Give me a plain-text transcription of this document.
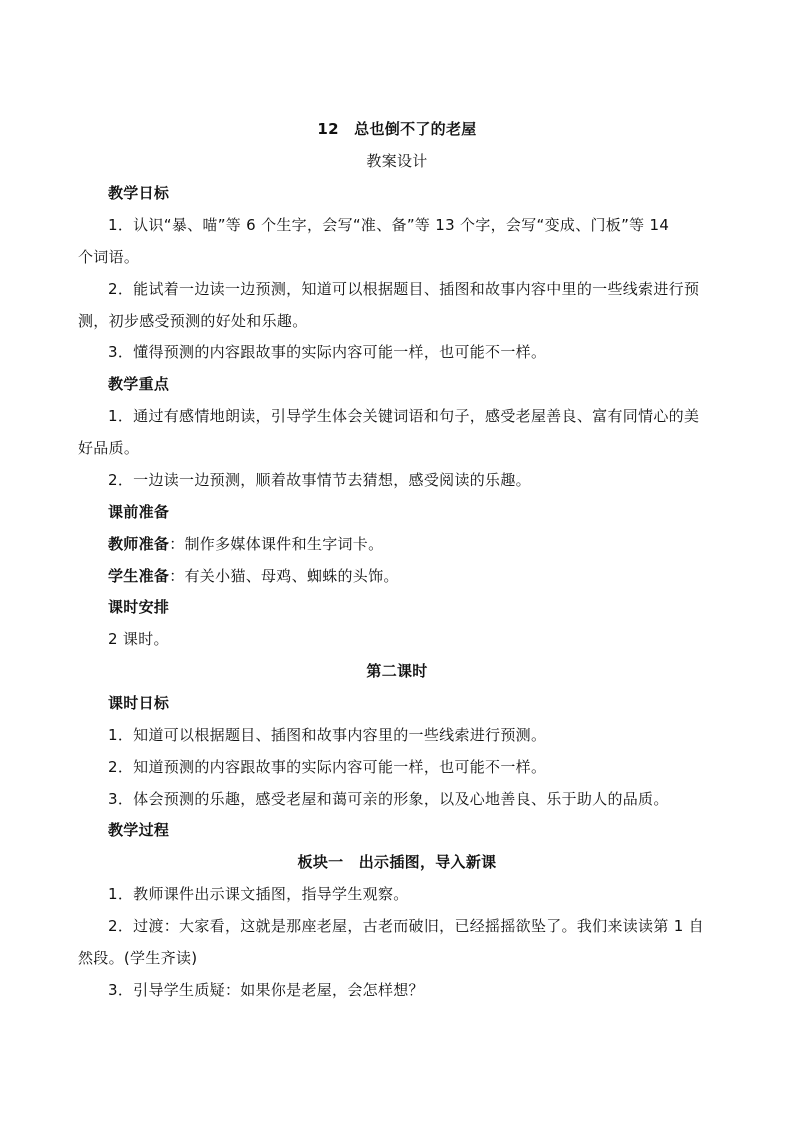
12　总也倒不了的老屋
教案设计
教学日标
1．认识“暴、喵”等 6 个生字，会写“准、备”等 13 个字，会写“变成、门板”等 14
个词语。
2．能试着一边读一边预测，知道可以根据题目、插图和故事内容中里的一些线索进行预
测，初步感受预测的好处和乐趣。
3．懂得预测的内容跟故事的实际内容可能一样，也可能不一样。
教学重点
1．通过有感情地朗读，引导学生体会关键词语和句子，感受老屋善良、富有同情心的美
好品质。
2．一边读一边预测，顺着故事情节去猜想，感受阅读的乐趣。
课前准备
教师准备：制作多媒体课件和生字词卡。
学生准备：有关小猫、母鸡、蜘蛛的头饰。
课时安排
2 课时。
第二课时
课时日标
1．知道可以根据题目、插图和故事内容里的一些线索进行预测。
2．知道预测的内容跟故事的实际内容可能一样，也可能不一样。
3．体会预测的乐趣，感受老屋和蔼可亲的形象，以及心地善良、乐于助人的品质。
教学过程
板块一　出示插图，导入新课
1．教师课件出示课文插图，指导学生观察。
2．过渡：大家看，这就是那座老屋，古老而破旧，已经摇摇欲坠了。我们来读读第 1 自
然段。(学生齐读)
3．引导学生质疑：如果你是老屋，会怎样想？
